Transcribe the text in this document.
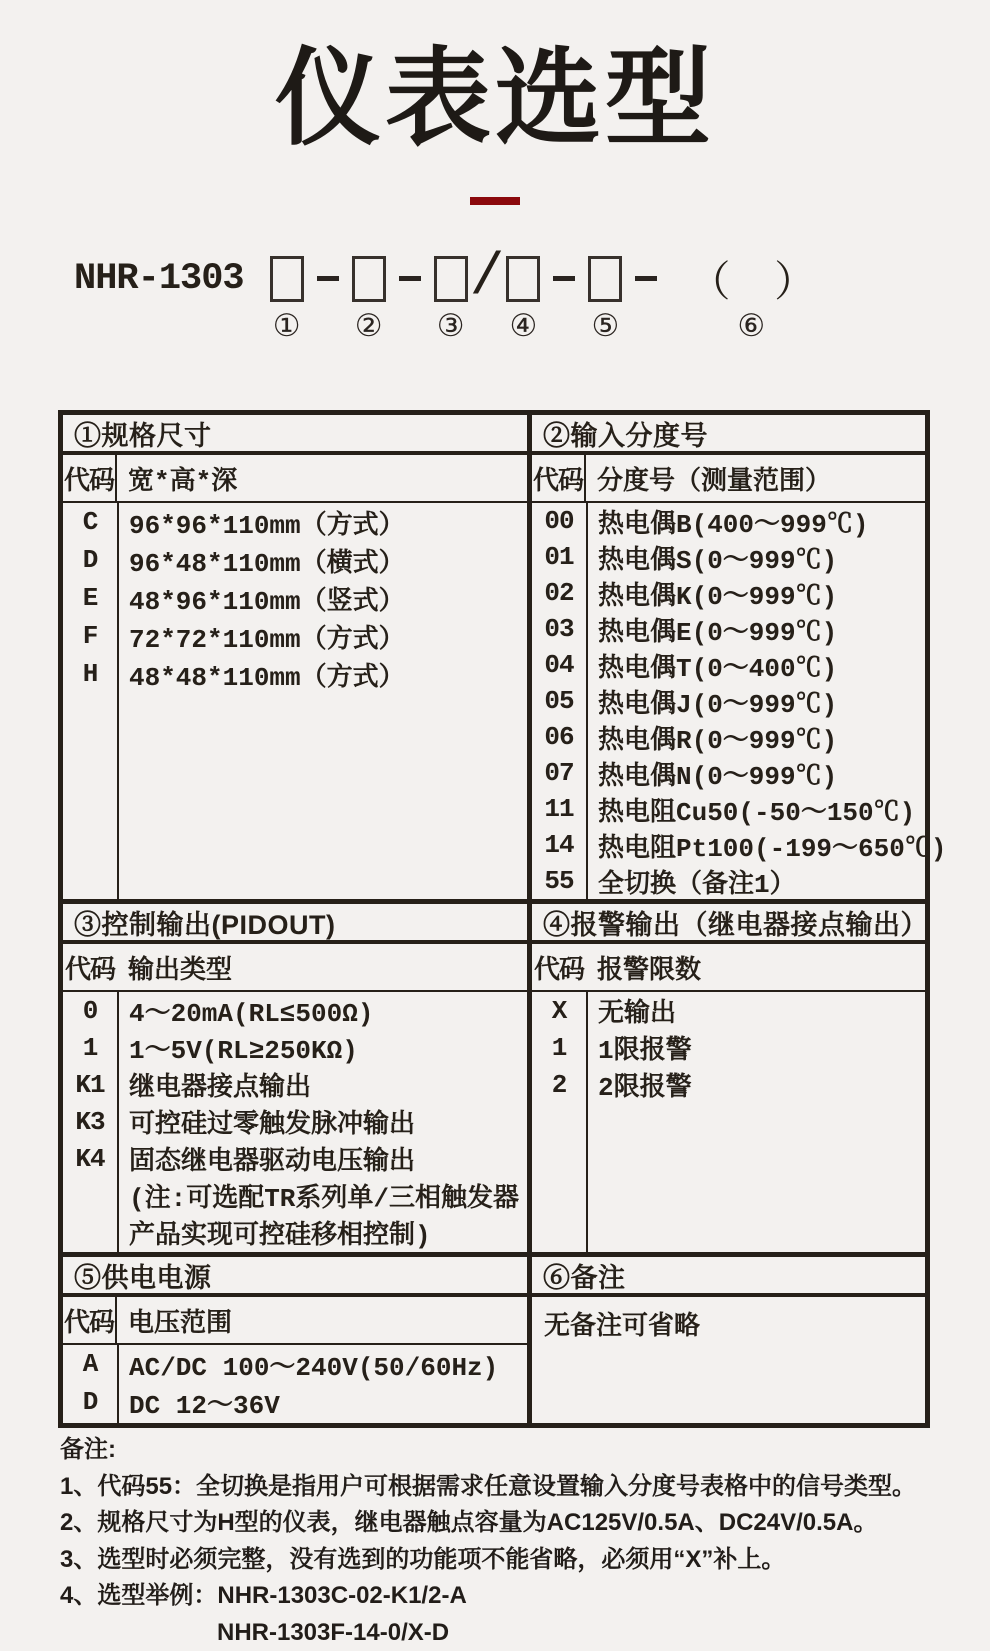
仪表选型
NHR-1303
① ② ③
/
④ ⑤
（ ）
⑥
①规格尺寸
代码 宽*高*深
C	96*96*110mm（方式）
D	96*48*110mm（横式）
E	48*96*110mm（竖式）
F	72*72*110mm（方式）
H	48*48*110mm（方式）
②输入分度号
代码 分度号（测量范围）
00 热电偶B(400～999℃)
01 热电偶S(0～999℃)
02 热电偶K(0～999℃)
03 热电偶E(0～999℃)
04 热电偶T(0～400℃)
05 热电偶J(0～999℃)
06 热电偶R(0～999℃)
07 热电偶N(0～999℃)
11 热电阻Cu50(-50～150℃)
14 热电阻Pt100(-199～650℃)
55 全切换（备注1）
③控制输出(PIDOUT)
代码 输出类型
0	4～20mA(RL≤500Ω)
1	1～5V(RL≥250KΩ)
K1 继电器接点输出
K3 可控硅过零触发脉冲输出
K4 固态继电器驱动电压输出
(注:可选配TR系列单/三相触发器
产品实现可控硅移相控制)
④报警输出（继电器接点输出）
代码 报警限数
X	无输出
1	1限报警
2	2限报警
⑤供电电源
代码 电压范围
A	AC/DC 100～240V(50/60Hz)
D	DC 12～36V
⑥备注
无备注可省略
备注:
1、代码55：全切换是指用户可根据需求任意设置输入分度号表格中的信号类型。
2、规格尺寸为H型的仪表，继电器触点容量为AC125V/0.5A、DC24V/0.5A。
3、选型时必须完整，没有选到的功能项不能省略，必须用“X”补上。
4、选型举例：NHR-1303C-02-K1/2-A
NHR-1303F-14-0/X-D
